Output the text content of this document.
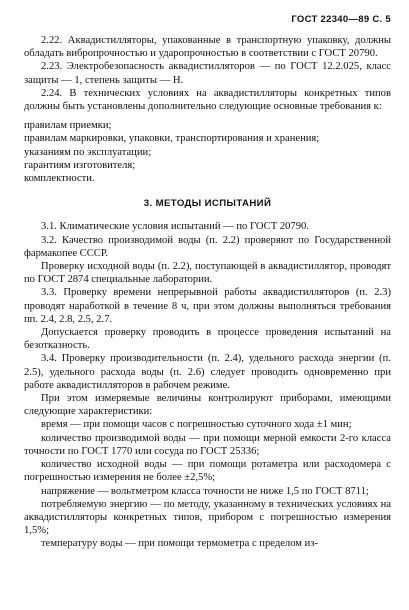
ГОСТ 22340—89 С. 5

2.22. Аквадистилляторы, упакованные в транспортную упаковку, должны обладать вибропрочностью и ударопрочностью в соответствии с ГОСТ 20790.

2.23. Электробезопасность аквадистилляторов — по ГОСТ 12.2.025, класс защиты — 1, степень защиты — Н.

2.24. В технических условиях на аквадистилляторы конкретных типов должны быть установлены дополнительно следующие основные требования к:

правилам приемки;

правилам маркировки, упаковки, транспортирования и хранения;

указаниям по эксплуатации;

гарантиям изготовителя;

комплектности.

3. МЕТОДЫ ИСПЫТАНИЙ

3.1. Климатические условия испытаний — по ГОСТ 20790.

3.2. Качество производимой воды (п. 2.2) проверяют по Государственной фармакопее СССР.

Проверку исходной воды (п. 2.2), поступающей в аквадистиллятор, проводят по ГОСТ 2874 специальные лаборатории.

3.3. Проверку времени непрерывной работы аквадистилляторов (п. 2.3) проводят наработкой в течение 8 ч, при этом должны выполняться требования пп. 2.4, 2.8, 2.5, 2.7.

Допускается проверку проводить в процессе проведения испытаний на безотказность.

3.4. Проверку производительности (п. 2.4), удельного расхода энергии (п. 2.5), удельного расхода воды (п. 2.6) следует проводить одновременно при работе аквадистилляторов в рабочем режиме.

При этом измеряемые величины контролируют приборами, имеющими следующие характеристики:

время — при помощи часов с погрешностью суточного хода ±1 мин;

количество производимой воды — при помощи мерной емкости 2-го класса точности по ГОСТ 1770 или сосуда по ГОСТ 25336;

количество исходной воды — при помощи ротаметра или расходомера с погрешностью измерения не более ±2,5%;

напряжение — вольтметром класса точности не ниже 1,5 по ГОСТ 8711;

потребляемую энергию — по методу, указанному в технических условиях на аквадистилляторы конкретных типов, прибором с погрешностью измерения 1,5%;

температуру воды — при помощи термометра с пределом из-
